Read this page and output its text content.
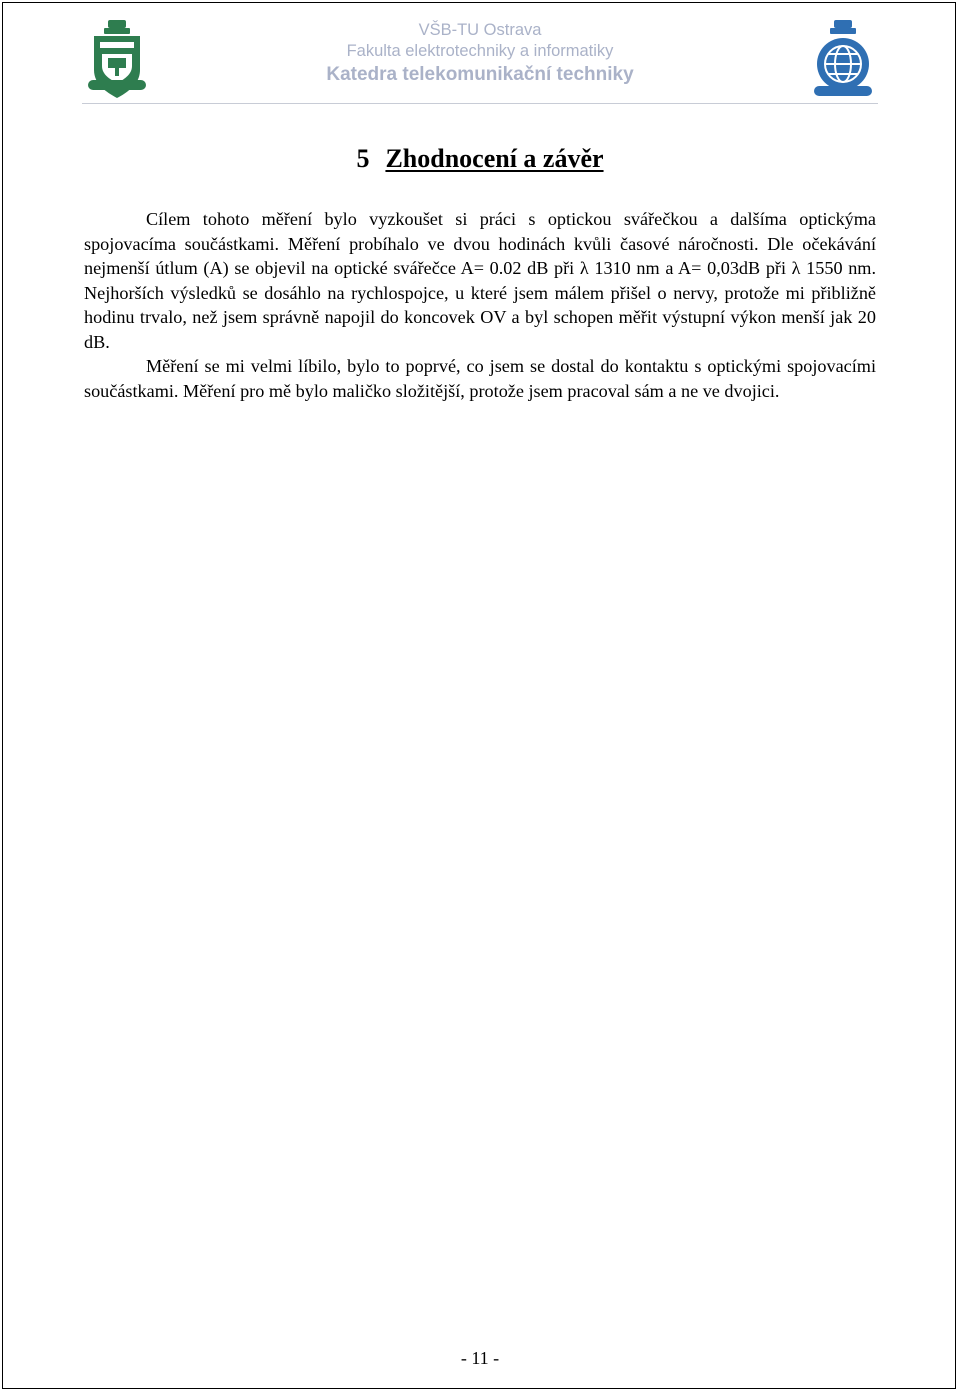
VŠB-TU Ostrava
Fakulta elektrotechniky a informatiky
Katedra telekomunikační techniky
5 Zhodnocení a závěr

Cílem tohoto měření bylo vyzkoušet si práci s optickou svářečkou a dalšíma optickýma spojovacíma součástkami. Měření probíhalo ve dvou hodinách kvůli časové náročnosti. Dle očekávání nejmenší útlum (A) se objevil na optické svářečce A= 0.02 dB při λ 1310 nm a A= 0,03dB při λ 1550 nm. Nejhorších výsledků se dosáhlo na rychlospojce, u které jsem málem přišel o nervy, protože mi přibližně hodinu trvalo, než jsem správně napojil do koncovek OV a byl schopen měřit výstupní výkon menší jak 20 dB.

Měření se mi velmi líbilo, bylo to poprvé, co jsem se dostal do kontaktu s optickými spojovacími součástkami. Měření pro mě bylo maličko složitější, protože jsem pracoval sám a ne ve dvojici.

- 11 -
